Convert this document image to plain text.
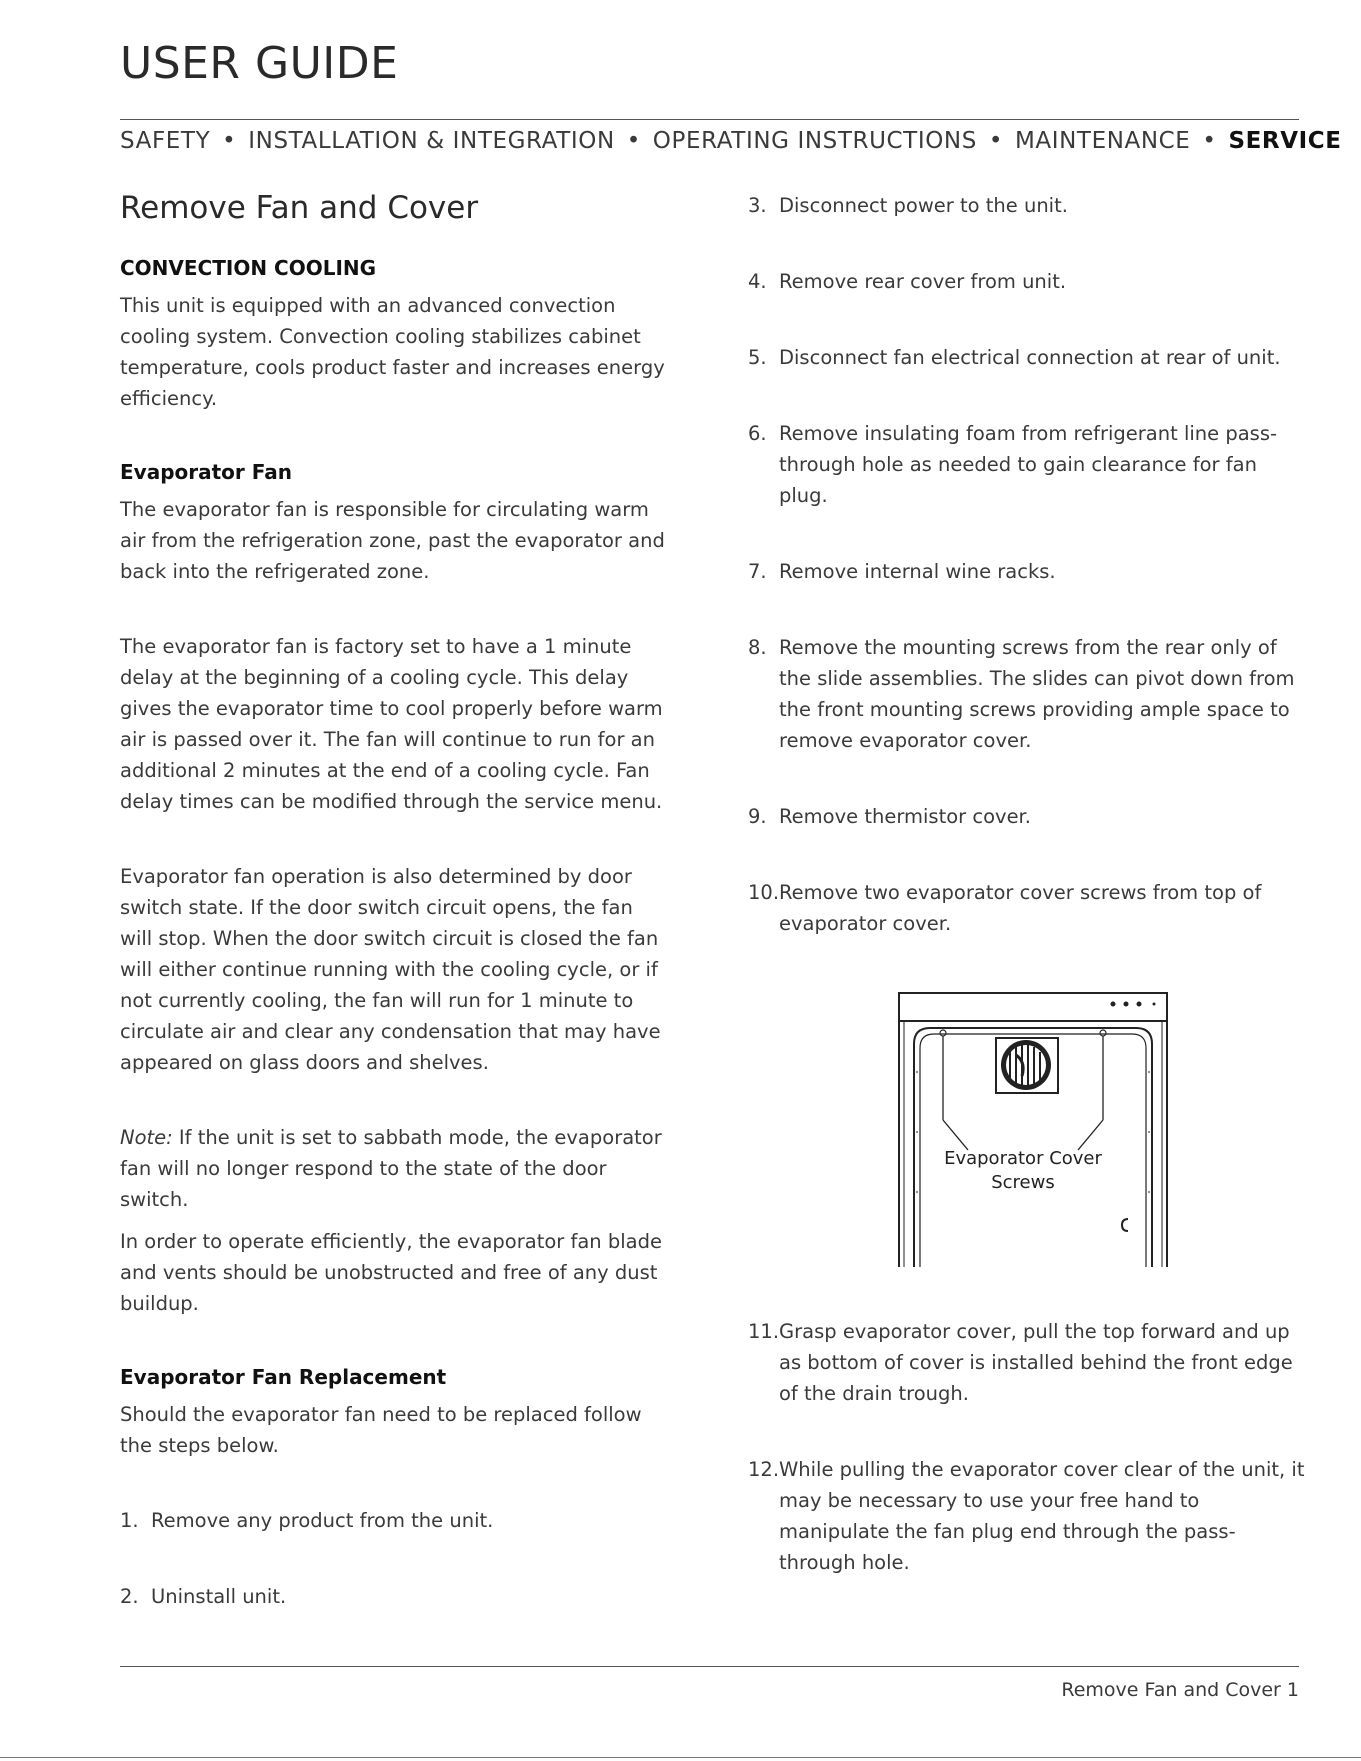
USER GUIDE
SAFETY • INSTALLATION & INTEGRATION • OPERATING INSTRUCTIONS • MAINTENANCE • SERVICE
Remove Fan and Cover
CONVECTION COOLING

This unit is equipped with an advanced convection cooling system. Convection cooling stabilizes cabinet temperature, cools product faster and increases energy efficiency.

Evaporator Fan

The evaporator fan is responsible for circulating warm air from the refrigeration zone, past the evaporator and back into the refrigerated zone.

The evaporator fan is factory set to have a 1 minute delay at the beginning of a cooling cycle. This delay gives the evaporator time to cool properly before warm air is passed over it. The fan will continue to run for an additional 2 minutes at the end of a cooling cycle. Fan delay times can be modified through the service menu.

Evaporator fan operation is also determined by door switch state. If the door switch circuit opens, the fan will stop. When the door switch circuit is closed the fan will either continue running with the cooling cycle, or if not currently cooling, the fan will run for 1 minute to circulate air and clear any condensation that may have appeared on glass doors and shelves.

Note: If the unit is set to sabbath mode, the evaporator fan will no longer respond to the state of the door switch.

In order to operate efficiently, the evaporator fan blade and vents should be unobstructed and free of any dust buildup.

Evaporator Fan Replacement

Should the evaporator fan need to be replaced follow the steps below.

1. Remove any product from the unit.
2. Uninstall unit.
3. Disconnect power to the unit.
4. Remove rear cover from unit.
5. Disconnect fan electrical connection at rear of unit.
6. Remove insulating foam from refrigerant line pass-through hole as needed to gain clearance for fan plug.
7. Remove internal wine racks.
8. Remove the mounting screws from the rear only of the slide assemblies. The slides can pivot down from the front mounting screws providing ample space to remove evaporator cover.
9. Remove thermistor cover.
10. Remove two evaporator cover screws from top of evaporator cover.
Evaporator Cover
Screws
11. Grasp evaporator cover, pull the top forward and up as bottom of cover is installed behind the front edge of the drain trough.
12. While pulling the evaporator cover clear of the unit, it may be necessary to use your free hand to manipulate the fan plug end through the pass-through hole.
Remove Fan and Cover 1
